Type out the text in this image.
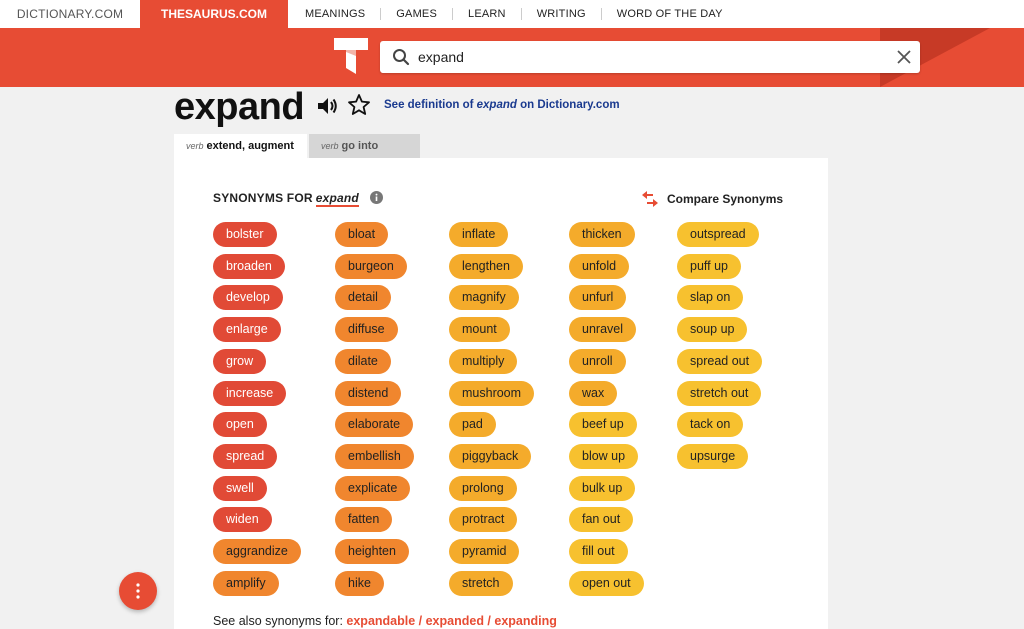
DICTIONARY.COM	THESAURUS.COM	MEANINGS	GAMES	LEARN	WRITING	WORD OF THE DAY
expand
expand	See definition of expand on Dictionary.com
verb extend, augment	verb go into
SYNONYMS FOR expand	Compare Synonyms
bolster
broaden
develop
enlarge
grow
increase
open
spread
swell
widen
aggrandize
amplify
bloat
burgeon
detail
diffuse
dilate
distend
elaborate
embellish
explicate
fatten
heighten
hike
inflate
lengthen
magnify
mount
multiply
mushroom
pad
piggyback
prolong
protract
pyramid
stretch
thicken
unfold
unfurl
unravel
unroll
wax
beef up
blow up
bulk up
fan out
fill out
open out
outspread
puff up
slap on
soup up
spread out
stretch out
tack on
upsurge
See also synonyms for: expandable / expanded / expanding
